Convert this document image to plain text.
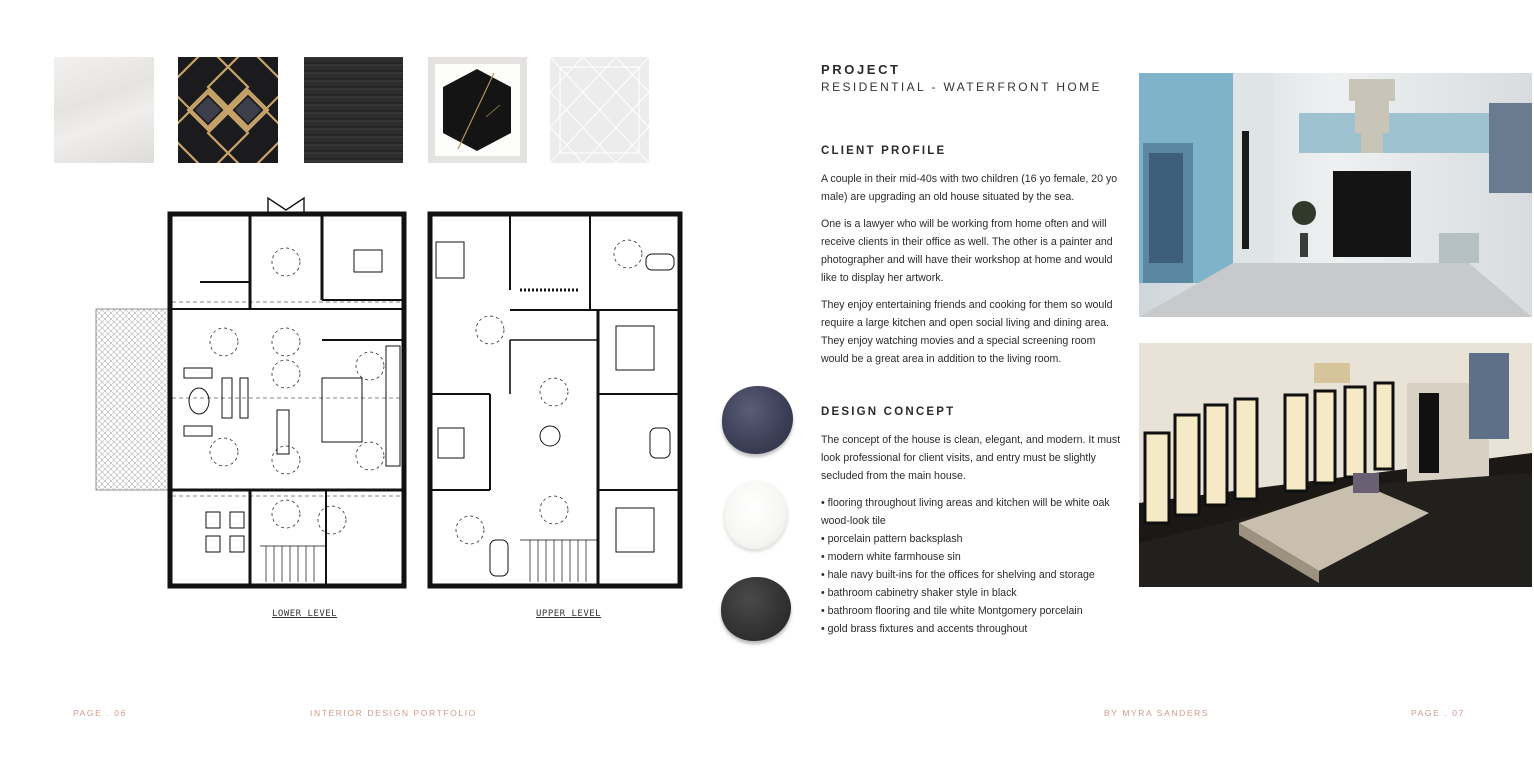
LOWER LEVEL	UPPER LEVEL
PROJECT
RESIDENTIAL - WATERFRONT HOME
CLIENT PROFILE

A couple in their mid-40s with two children (16 yo female, 20 yo male) are upgrading an old house situated by the sea.

One is a lawyer who will be working from home often and will receive clients in their office as well. The other is a painter and photographer and will have their workshop at home and would like to display her artwork.

They enjoy entertaining friends and cooking for them so would require a large kitchen and open social living and dining area. They enjoy watching movies and a special screening room would be a great area in addition to the living room.

DESIGN CONCEPT

The concept of the house is clean, elegant, and modern. It must look professional for client visits, and entry must be slightly secluded from the main house.

• flooring throughout living areas and kitchen will be white oak wood-look tile
• porcelain pattern backsplash
• modern white farmhouse sin
• hale navy built-ins for the offices for shelving and storage
• bathroom cabinetry shaker style in black
• bathroom flooring and tile white Montgomery porcelain
• gold brass fixtures and accents throughout
PAGE . 06	INTERIOR DESIGN PORTFOLIO	BY MYRA SANDERS	PAGE . 07
